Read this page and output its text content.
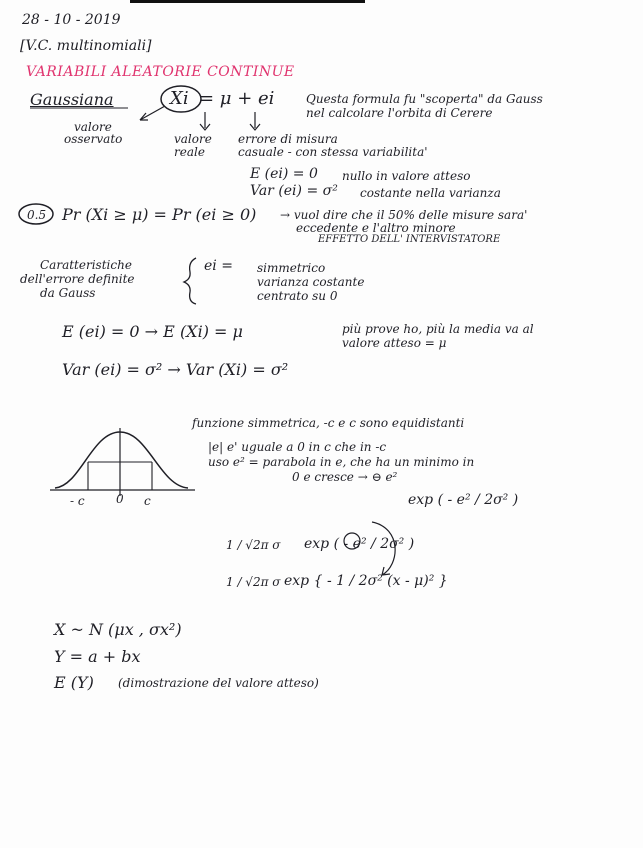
28 - 10 - 2019
[V.C. multinomiali]
VARIABILI ALEATORIE CONTINUE
Gaussiana	Xi = μ + ei	Questa formula fu "scoperta" da Gauss
nel calcolare l'orbita di Cerere
valore
osservato	valore
reale
errore di misura
casuale - con stessa variabilita'
E (ei) = 0 nullo in valore atteso
Var (ei) = σ² costante nella varianza
0.5 Pr (Xi ≥ μ) = Pr (ei ≥ 0) → vuol dire che il 50% delle misure sara'
eccedente e l'altro minore
EFFETTO DELL' INTERVISTATORE
Caratteristiche
dell'errore definite
da Gauss
ei = simmetrico
varianza costante
centrato su 0
E (ei) = 0 → E (Xi) = μ	più prove ho, più la media va al
valore atteso = μ
Var (ei) = σ² → Var (Xi) = σ²
funzione simmetrica, -c e c sono equidistanti
|e| e' uguale a 0 in c che in -c
uso e² = parabola in e, che ha un minimo in
0 e cresce → ⊖ e²
exp ( - e² / 2σ² )
1 / √2π σ exp ( - e² / 2σ² )
1 / √2π σ exp { - 1 / 2σ² (x - μ)² }
- c	0 c
X ~ N (μx , σx²)
Y = a + bx
E (Y) (dimostrazione del valore atteso)
